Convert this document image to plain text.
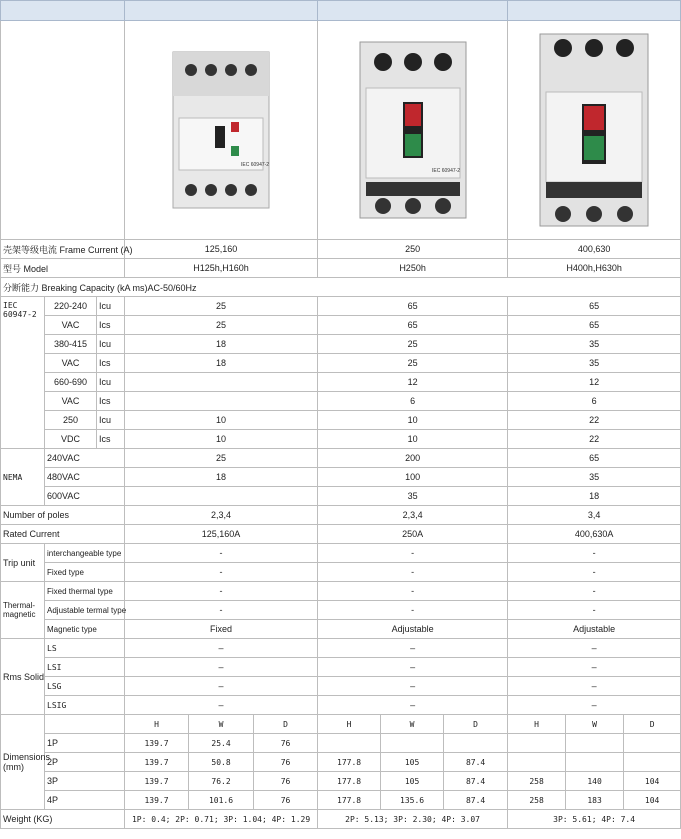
IEC 60947-2			IEC 60947-2

壳架等级电流 Frame Current (A)			125,160			250			400,630		
型号 Model			H125h,H160h			H250h			H400h,H630h		
分断能力 Breaking Capacity (kA ms)AC-50/60Hz											
IEC 60947-2	220-240	Icu	25			65			65		
	VAC	Ics	25			65			65		
	380-415	Icu	18			25			35		
	VAC	Ics	18			25			35		
	660-690	Icu				12			12		
	VAC	Ics				6			6		
	250	Icu	10			10			22		
	VDC	Ics	10			10			22		
NEMA	240VAC		25			200			65		
	480VAC		18			100			35		
	600VAC					35			18		
Number of poles			2,3,4			2,3,4			3,4		
Rated Current			125,160A			250A			400,630A		
Trip unit	interchangeable type		-			-			-		
	Fixed type		-			-			-		
Thermal-magnetic	Fixed thermal type		-			-			-		
	Adjustable termal type		-			-			-		
	Magnetic type		Fixed			Adjustable			Adjustable		
Rms Solid	LS		–			–			–		
	LSI		–			–			–		
	LSG		–			–			–		
	LSIG		–			–			–		
Dimensions (mm)			H	W	D	H	W	D	H	W	D
	1P		139.7	25.4	76						
	2P		139.7	50.8	76	177.8	105	87.4			
	3P		139.7	76.2	76	177.8	105	87.4	258	140	104
	4P		139.7	101.6	76	177.8	135.6	87.4	258	183	104
Weight (KG)			1P: 0.4; 2P: 0.71; 3P: 1.04; 4P: 1.29			2P: 5.13; 3P: 2.30; 4P: 3.07			3P: 5.61; 4P: 7.4		
